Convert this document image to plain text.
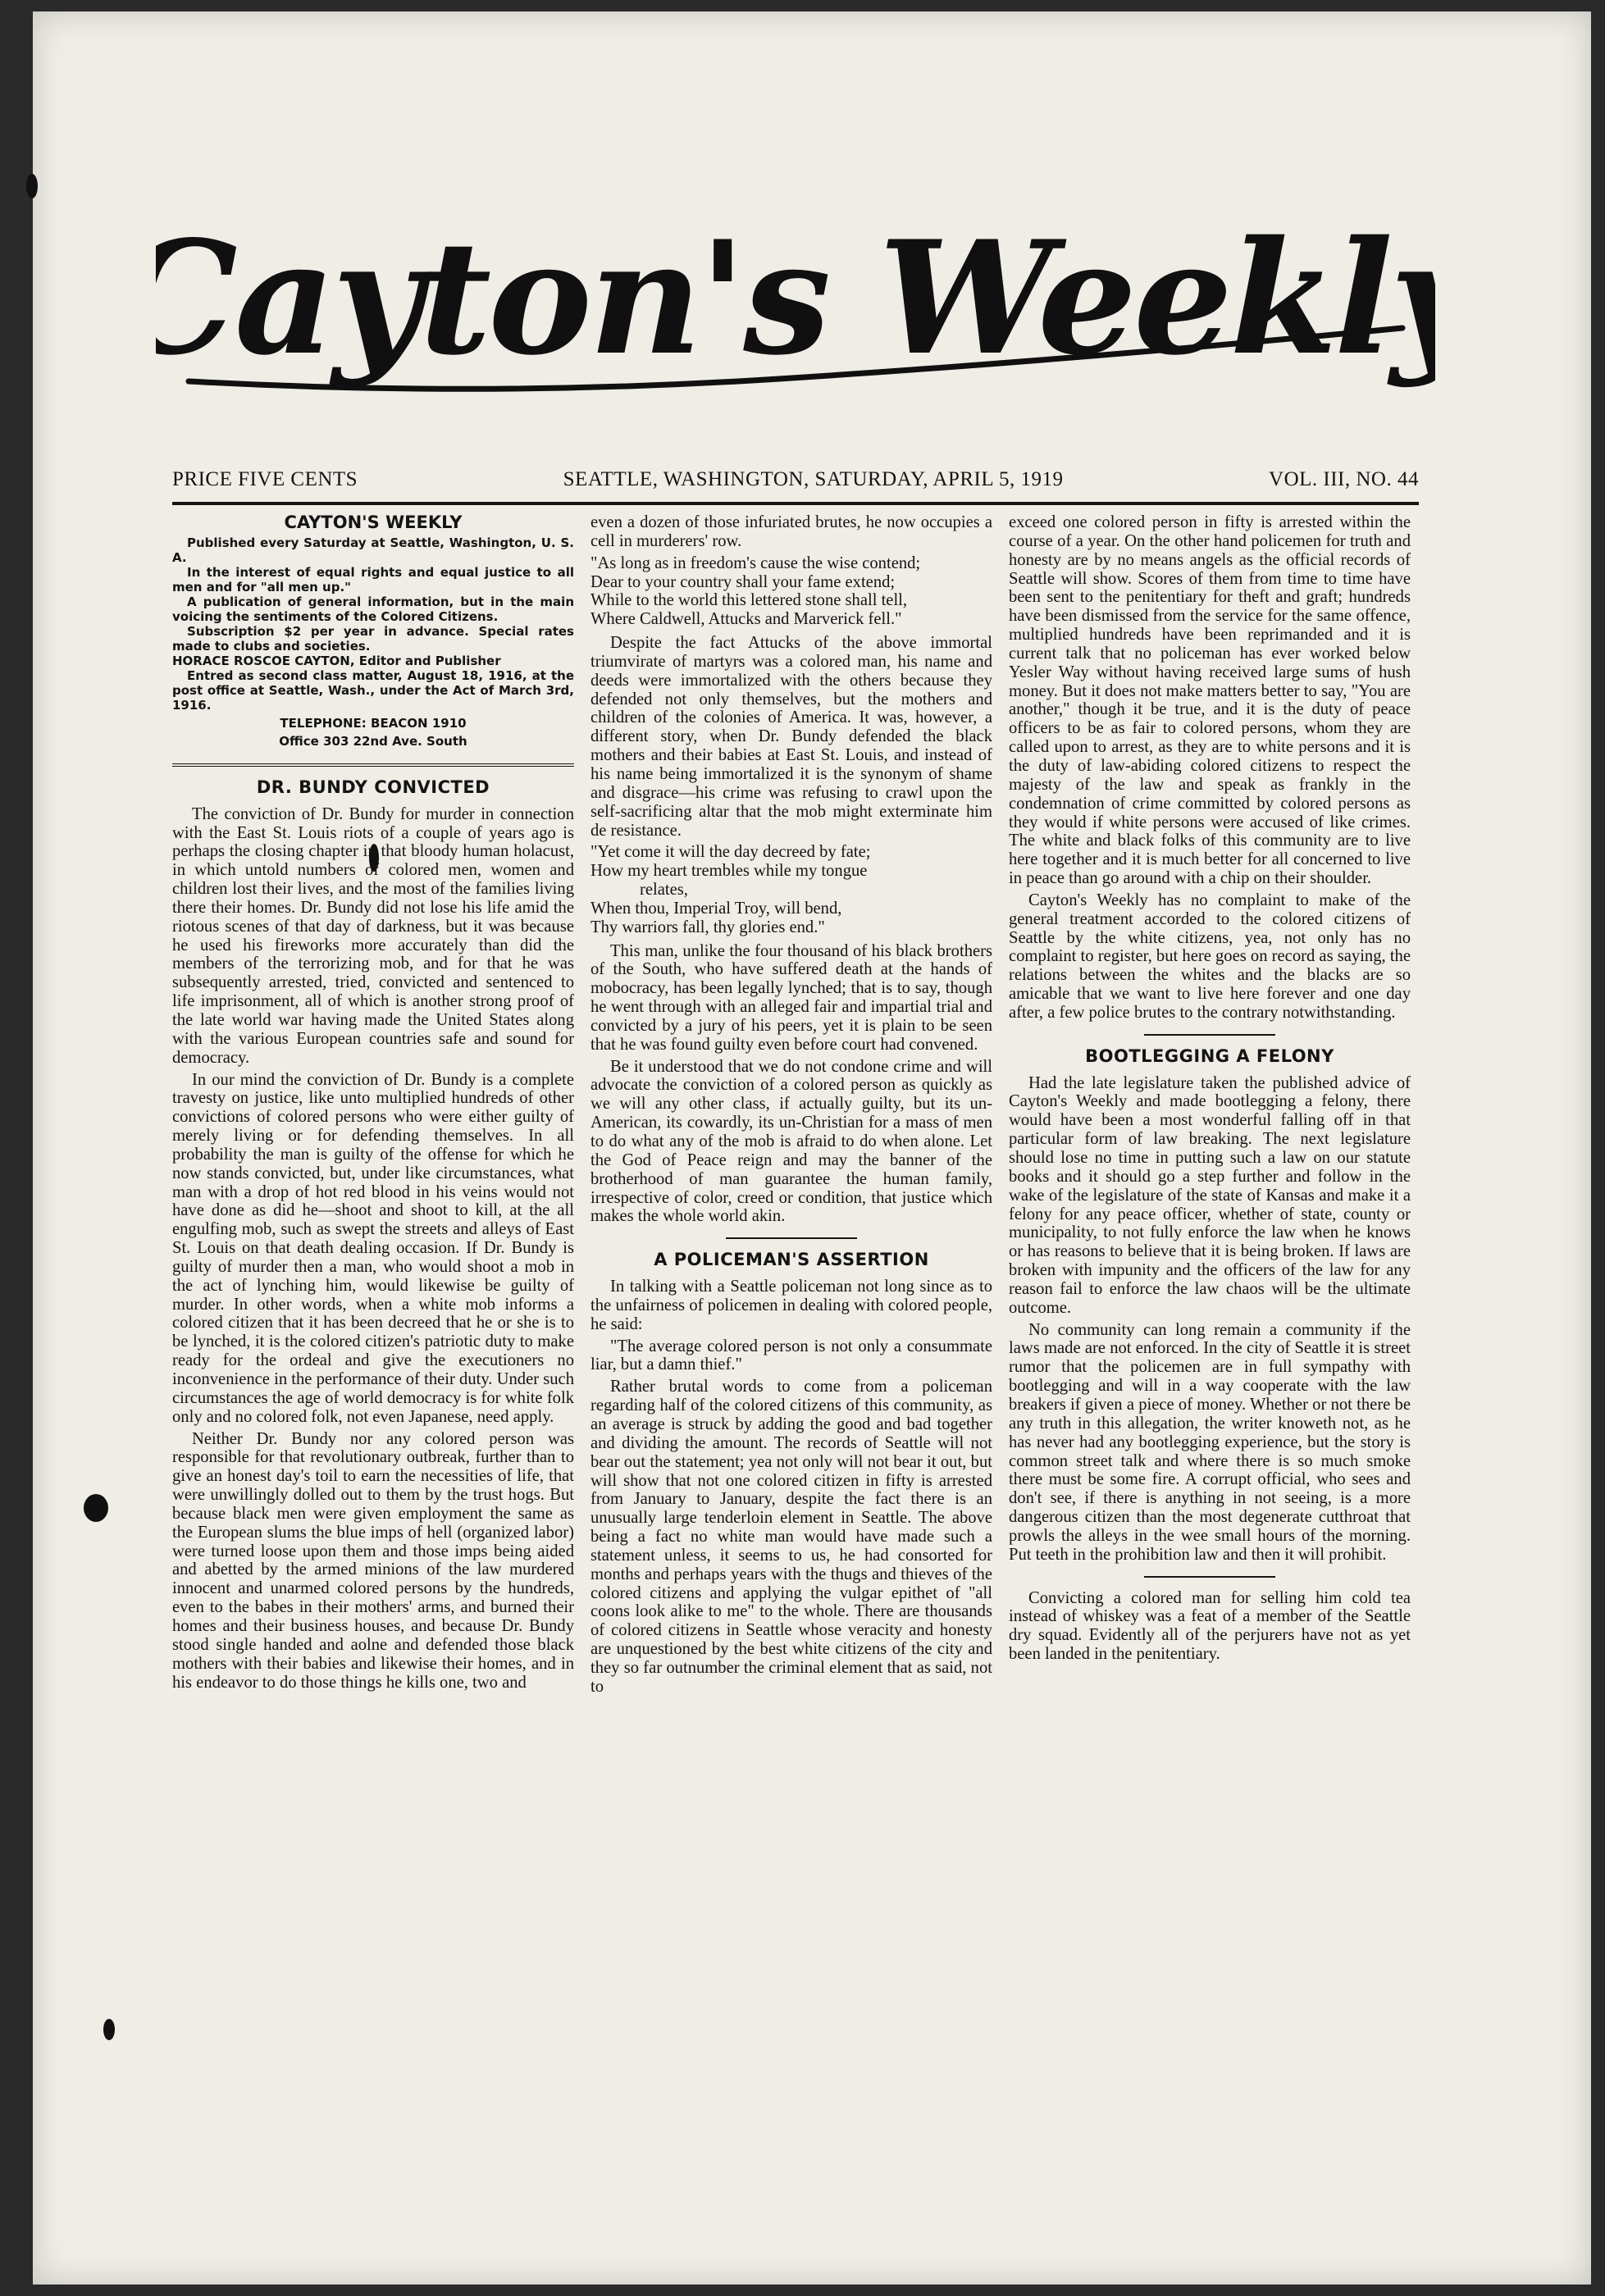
Cayton's Weekly
PRICE FIVE CENTS	SEATTLE, WASHINGTON, SATURDAY, APRIL 5, 1919	VOL. III, NO. 44
CAYTON'S WEEKLY

Published every Saturday at Seattle, Washington, U. S. A.

In the interest of equal rights and equal justice to all men and for "all men up."

A publication of general information, but in the main voicing the sentiments of the Colored Citizens.

Subscription $2 per year in advance. Special rates made to clubs and societies.

HORACE ROSCOE CAYTON, Editor and Publisher

Entred as second class matter, August 18, 1916, at the post office at Seattle, Wash., under the Act of March 3rd, 1916.

TELEPHONE: BEACON 1910

Office 303 22nd Ave. South

DR. BUNDY CONVICTED

The conviction of Dr. Bundy for murder in connection with the East St. Louis riots of a couple of years ago is perhaps the closing chapter in that bloody human holacust, in which untold numbers of colored men, women and children lost their lives, and the most of the families living there their homes. Dr. Bundy did not lose his life amid the riotous scenes of that day of darkness, but it was because he used his fireworks more accurately than did the members of the terrorizing mob, and for that he was subsequently arrested, tried, convicted and sentenced to life imprisonment, all of which is another strong proof of the late world war having made the United States along with the various European countries safe and sound for democracy.

In our mind the conviction of Dr. Bundy is a complete travesty on justice, like unto multiplied hundreds of other convictions of colored persons who were either guilty of merely living or for defending themselves. In all probability the man is guilty of the offense for which he now stands convicted, but, under like circumstances, what man with a drop of hot red blood in his veins would not have done as did he—shoot and shoot to kill, at the all engulfing mob, such as swept the streets and alleys of East St. Louis on that death dealing occasion. If Dr. Bundy is guilty of murder then a man, who would shoot a mob in the act of lynching him, would likewise be guilty of murder. In other words, when a white mob informs a colored citizen that it has been decreed that he or she is to be lynched, it is the colored citizen's patriotic duty to make ready for the ordeal and give the executioners no inconvenience in the performance of their duty. Under such circumstances the age of world democracy is for white folk only and no colored folk, not even Japanese, need apply.

Neither Dr. Bundy nor any colored person was responsible for that revolutionary outbreak, further than to give an honest day's toil to earn the necessities of life, that were unwillingly dolled out to them by the trust hogs. But because black men were given employment the same as the European slums the blue imps of hell (organized labor) were turned loose upon them and those imps being aided and abetted by the armed minions of the law murdered innocent and unarmed colored persons by the hundreds, even to the babes in their mothers' arms, and burned their homes and their business houses, and because Dr. Bundy stood single handed and aolne and defended those black mothers with their babies and likewise their homes, and in his endeavor to do those things he kills one, two and

even a dozen of those infuriated brutes, he now occupies a cell in murderers' row.

"As long as in freedom's cause the wise contend;
Dear to your country shall your fame extend;
While to the world this lettered stone shall tell,
Where Caldwell, Attucks and Marverick fell."

Despite the fact Attucks of the above immortal triumvirate of martyrs was a colored man, his name and deeds were immortalized with the others because they defended not only themselves, but the mothers and children of the colonies of America. It was, however, a different story, when Dr. Bundy defended the black mothers and their babies at East St. Louis, and instead of his name being immortalized it is the synonym of shame and disgrace—his crime was refusing to crawl upon the self-sacrificing altar that the mob might exterminate him de resistance.

"Yet come it will the day decreed by fate;
How my heart trembles while my tongue
relates,
When thou, Imperial Troy, will bend,
Thy warriors fall, thy glories end."

This man, unlike the four thousand of his black brothers of the South, who have suffered death at the hands of mobocracy, has been legally lynched; that is to say, though he went through with an alleged fair and impartial trial and convicted by a jury of his peers, yet it is plain to be seen that he was found guilty even before court had convened.

Be it understood that we do not condone crime and will advocate the conviction of a colored person as quickly as we will any other class, if actually guilty, but its un-American, its cowardly, its un-Christian for a mass of men to do what any of the mob is afraid to do when alone. Let the God of Peace reign and may the banner of the brotherhood of man guarantee the human family, irrespective of color, creed or condition, that justice which makes the whole world akin.

A POLICEMAN'S ASSERTION

In talking with a Seattle policeman not long since as to the unfairness of policemen in dealing with colored people, he said:

"The average colored person is not only a consummate liar, but a damn thief."

Rather brutal words to come from a policeman regarding half of the colored citizens of this community, as an average is struck by adding the good and bad together and dividing the amount. The records of Seattle will not bear out the statement; yea not only will not bear it out, but will show that not one colored citizen in fifty is arrested from January to January, despite the fact there is an unusually large tenderloin element in Seattle. The above being a fact no white man would have made such a statement unless, it seems to us, he had consorted for months and perhaps years with the thugs and thieves of the colored citizens and applying the vulgar epithet of "all coons look alike to me" to the whole. There are thousands of colored citizens in Seattle whose veracity and honesty are unquestioned by the best white citizens of the city and they so far outnumber the criminal element that as said, not to

exceed one colored person in fifty is arrested within the course of a year. On the other hand policemen for truth and honesty are by no means angels as the official records of Seattle will show. Scores of them from time to time have been sent to the penitentiary for theft and graft; hundreds have been dismissed from the service for the same offence, multiplied hundreds have been reprimanded and it is current talk that no policeman has ever worked below Yesler Way without having received large sums of hush money. But it does not make matters better to say, "You are another," though it be true, and it is the duty of peace officers to be as fair to colored persons, whom they are called upon to arrest, as they are to white persons and it is the duty of law-abiding colored citizens to respect the majesty of the law and speak as frankly in the condemnation of crime committed by colored persons as they would if white persons were accused of like crimes. The white and black folks of this community are to live here together and it is much better for all concerned to live in peace than go around with a chip on their shoulder.

Cayton's Weekly has no complaint to make of the general treatment accorded to the colored citizens of Seattle by the white citizens, yea, not only has no complaint to register, but here goes on record as saying, the relations between the whites and the blacks are so amicable that we want to live here forever and one day after, a few police brutes to the contrary notwithstanding.

BOOTLEGGING A FELONY

Had the late legislature taken the published advice of Cayton's Weekly and made bootlegging a felony, there would have been a most wonderful falling off in that particular form of law breaking. The next legislature should lose no time in putting such a law on our statute books and it should go a step further and follow in the wake of the legislature of the state of Kansas and make it a felony for any peace officer, whether of state, county or municipality, to not fully enforce the law when he knows or has reasons to believe that it is being broken. If laws are broken with impunity and the officers of the law for any reason fail to enforce the law chaos will be the ultimate outcome.

No community can long remain a community if the laws made are not enforced. In the city of Seattle it is street rumor that the policemen are in full sympathy with bootlegging and will in a way cooperate with the law breakers if given a piece of money. Whether or not there be any truth in this allegation, the writer knoweth not, as he has never had any bootlegging experience, but the story is common street talk and where there is so much smoke there must be some fire. A corrupt official, who sees and don't see, if there is anything in not seeing, is a more dangerous citizen than the most degenerate cutthroat that prowls the alleys in the wee small hours of the morning. Put teeth in the prohibition law and then it will prohibit.

Convicting a colored man for selling him cold tea instead of whiskey was a feat of a member of the Seattle dry squad. Evidently all of the perjurers have not as yet been landed in the penitentiary.
